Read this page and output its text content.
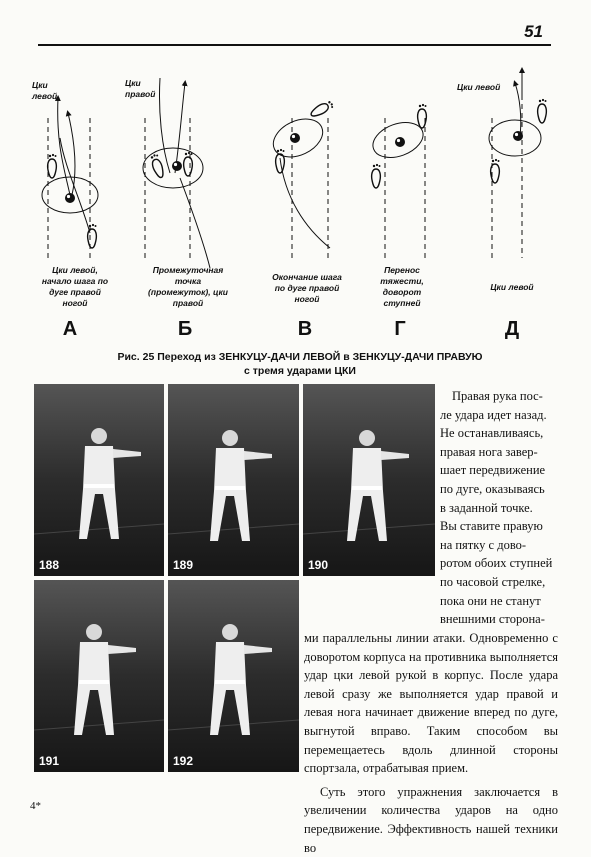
51
Цки
левой
Цки
правой
Цки левой
Цки левой,
начало шага по
дуге правой
ногой
Промежуточная
точка
(промежуток), цки
правой
Окончание шага
по дуге правой
ногой
Перенос
тяжести,
доворот
ступней
Цки левой
А	Б	В	Г	Д
Рис. 25 Переход из ЗЕНКУЦУ-ДАЧИ ЛЕВОЙ в ЗЕНКУЦУ-ДАЧИ ПРАВУЮ
с тремя ударами ЦКИ
188	189	190
191	192

Правая рука пос-

ле удара идет назад.

Не останавливаясь,

правая нога завер-

шает передвижение

по дуге, оказываясь

в заданной точке.

Вы ставите правую

на пятку с дово-

ротом обоих ступней

по часовой стрелке,

пока они не станут

внешними сторона-

ми параллельны линии атаки. Одновременно с доворотом корпуса на противника выполняется удар цки левой рукой в корпус. После удара левой сразу же выполняется удар правой и левая нога начинает движение вперед по дуге, выгнутой вправо. Таким способом вы перемещаетесь вдоль длинной стороны спортзала, отрабатывая прием.

Суть этого упражнения заключается в увеличении количества ударов на одно передвижение. Эффективность нашей техники во

4*
